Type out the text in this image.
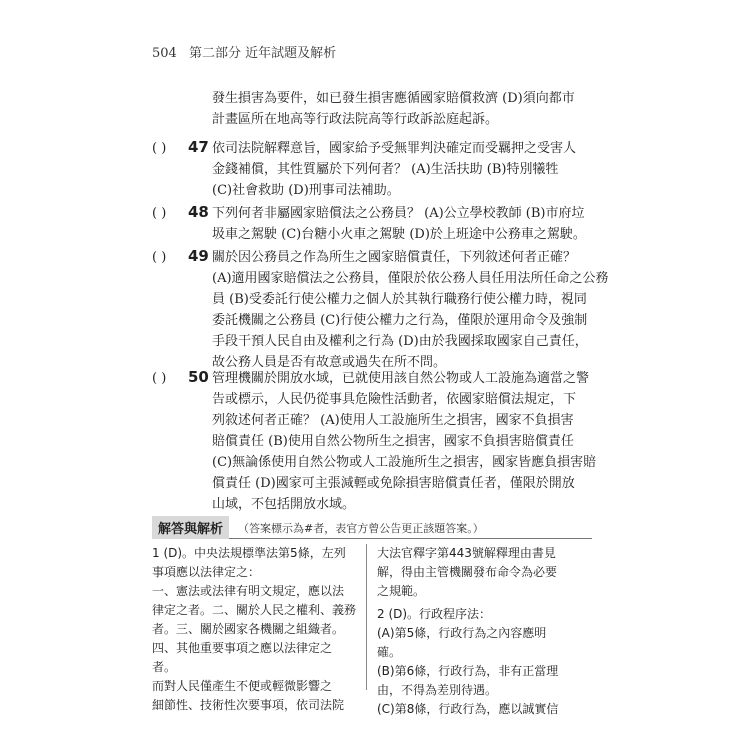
504 第二部分 近年試題及解析
發生損害為要件，如已發生損害應循國家賠償救濟 (D)須向都市
計畫區所在地高等行政法院高等行政訴訟庭起訴。
( ) 47 依司法院解釋意旨，國家給予受無罪判決確定而受羈押之受害人
金錢補償，其性質屬於下列何者？ (A)生活扶助 (B)特別犧牲
(C)社會救助 (D)刑事司法補助。
( ) 48 下列何者非屬國家賠償法之公務員？ (A)公立學校教師 (B)市府垃
圾車之駕駛 (C)台糖小火車之駕駛 (D)於上班途中公務車之駕駛。
( ) 49 關於因公務員之作為所生之國家賠償責任，下列敘述何者正確？
(A)適用國家賠償法之公務員，僅限於依公務人員任用法所任命之公務
員 (B)受委託行使公權力之個人於其執行職務行使公權力時，視同
委託機關之公務員 (C)行使公權力之行為，僅限於運用命令及強制
手段干預人民自由及權利之行為 (D)由於我國採取國家自己責任，
故公務人員是否有故意或過失在所不問。
( ) 50 管理機關於開放水域，已就使用該自然公物或人工設施為適當之警
告或標示，人民仍從事具危險性活動者，依國家賠償法規定，下
列敘述何者正確？ (A)使用人工設施所生之損害，國家不負損害
賠償責任 (B)使用自然公物所生之損害，國家不負損害賠償責任
(C)無論係使用自然公物或人工設施所生之損害，國家皆應負損害賠
償責任 (D)國家可主張減輕或免除損害賠償責任者，僅限於開放
山域，不包括開放水域。
解答與解析	（答案標示為#者，表官方曾公告更正該題答案。）
1 (D)。中央法規標準法第5條，左列
事項應以法律定之：
一、憲法或法律有明文規定，應以法
律定之者。二、關於人民之權利、義務
者。三、關於國家各機關之組織者。
四、其他重要事項之應以法律定之
者。
而對人民僅產生不便或輕微影響之
細節性、技術性次要事項，依司法院
大法官釋字第443號解釋理由書見
解，得由主管機關發布命令為必要
之規範。
2 (D)。行政程序法：
(A)第5條，行政行為之內容應明
確。
(B)第6條，行政行為，非有正當理
由，不得為差別待遇。
(C)第8條，行政行為，應以誠實信
